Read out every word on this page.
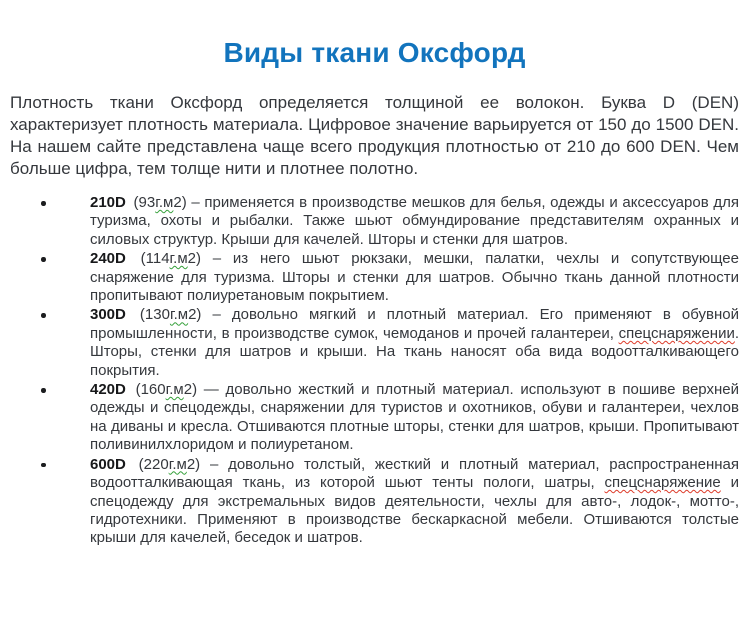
Виды ткани Оксфорд

Плотность ткани Оксфорд определяется толщиной ее волокон. Буква D (DEN) характеризует плотность материала. Цифровое значение варьируется от 150 до 1500 DEN. На нашем сайте представлена чаще всего продукция плотностью от 210 до 600 DEN. Чем больше цифра, тем толще нити и плотнее полотно.

210D (93г.м2) – применяется в производстве мешков для белья, одежды и аксессуаров для туризма, охоты и рыбалки. Также шьют обмундирование представителям охранных и силовых структур. Крыши для качелей. Шторы и стенки для шатров.
240D (114г.м2) – из него шьют рюкзаки, мешки, палатки, чехлы и сопутствующее снаряжение для туризма. Шторы и стенки для шатров. Обычно ткань данной плотности пропитывают полиуретановым покрытием.
300D (130г.м2) – довольно мягкий и плотный материал. Его применяют в обувной промышленности, в производстве сумок, чемоданов и прочей галантереи, спецснаряжении. Шторы, стенки для шатров и крыши. На ткань наносят оба вида водоотталкивающего покрытия.
420D (160г.м2) — довольно жесткий и плотный материал. используют в пошиве верхней одежды и спецодежды, снаряжении для туристов и охотников, обуви и галантереи, чехлов на диваны и кресла. Отшиваются плотные шторы, стенки для шатров, крыши. Пропитывают поливинилхлоридом и полиуретаном.
600D (220г.м2) – довольно толстый, жесткий и плотный материал, распространенная водоотталкивающая ткань, из которой шьют тенты пологи, шатры, спецснаряжение и спецодежду для экстремальных видов деятельности, чехлы для авто-, лодок-, мотто-, гидротехники. Применяют в производстве бескаркасной мебели. Отшиваются толстые крыши для качелей, беседок и шатров.
